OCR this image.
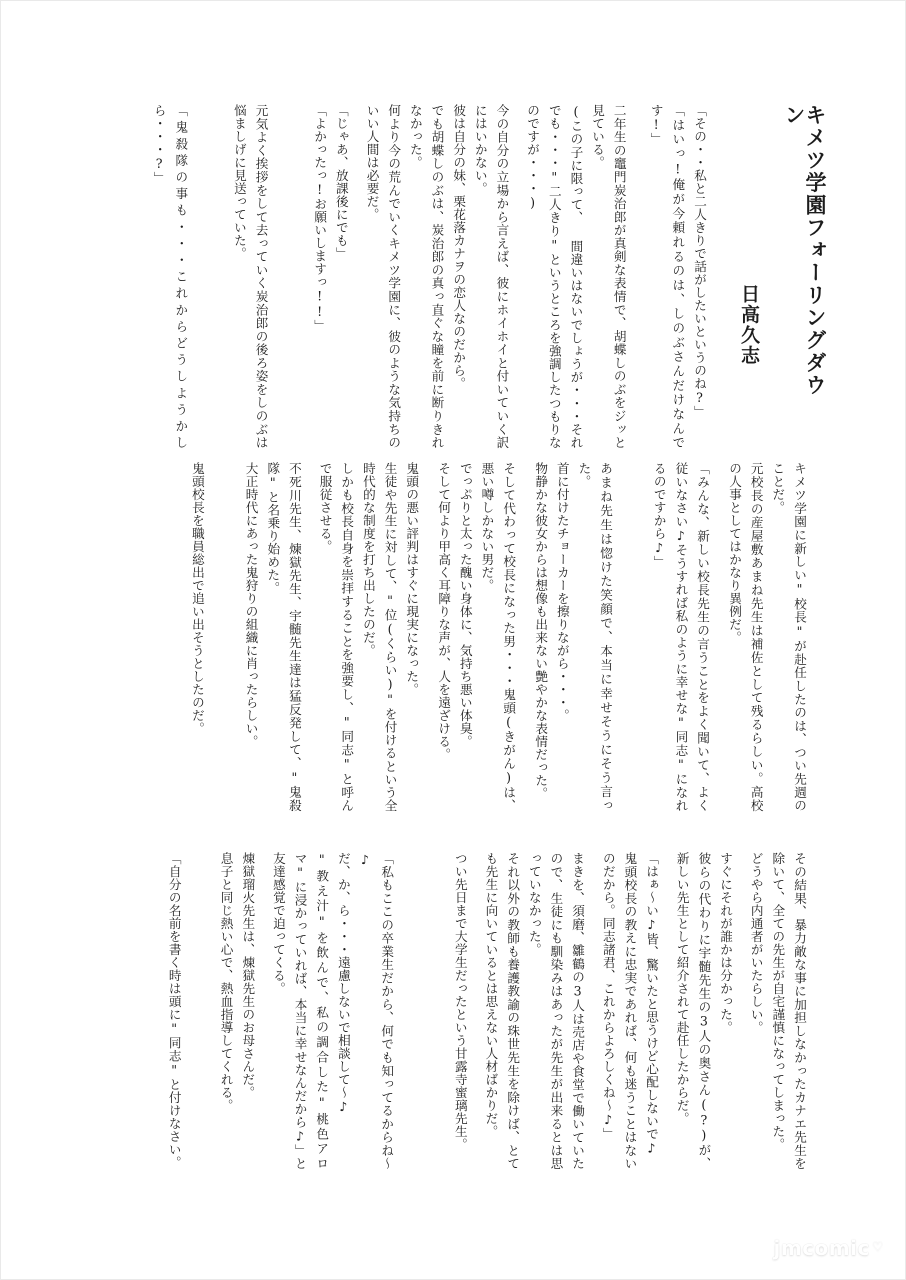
日高久志	キメツ学園フォーリングダウン
「その・・私と二人きりで話がしたいというのね?」
「はいっ!俺が今頼れるのは、しのぶさんだけなんです!」
二年生の竈門炭治郎が真剣な表情で、胡蝶しのぶをジッと見ている。
(この子に限って、 間違いはないでしょうが・・・それでも・・・"二人きり"というところを強調したつもりなのですが・・・)
今の自分の立場から言えば、彼にホイホイと付いていく訳にはいかない。
彼は自分の妹、栗花落カナヲの恋人なのだから。
でも胡蝶しのぶは、炭治郎の真っ直ぐな瞳を前に断りきれなかった。
何より今の荒んでいくキメツ学園に、彼のような気持ちのいい人間は必要だ。
「じゃあ、放課後にでも」
「よかったっ!お願いしますっ!!」
元気よく挨拶をして去っていく炭治郎の後ろ姿をしのぶは悩ましげに見送っていた。
「鬼殺隊の事も・・・これからどうしようかしら・・・?」
キメツ学園に新しい"校長"が赴任したのは、つい先週のことだ。
元校長の産屋敷あまね先生は補佐として残るらしい。高校の人事としてはかなり異例だ。
「みんな、新しい校長先生の言うことをよく聞いて、よく従いなさい♪そうすれば私のように幸せな"同志"になれるのですから♪」
あまね先生は惚けた笑顔で、本当に幸せそうにそう言った。
首に付けたチョーカーを擦りながら・・・。
物静かな彼女からは想像も出来ない艶やかな表情だった。
そして代わって校長になった男・・・鬼頭(きがん)は、悪い噂しかない男だ。
でっぷりと太った醜い身体に、気持ち悪い体臭。
そして何より甲高く耳障りな声が、人を遠ざける。
鬼頭の悪い評判はすぐに現実になった。
生徒や先生に対して、"位(くらい)"を付けるという全時代的な制度を打ち出したのだ。
しかも校長自身を崇拝することを強要し、"同志"と呼んで服従させる。
不死川先生、煉獄先生、宇髄先生達は猛反発して、"鬼殺隊"と名乗り始めた。
大正時代にあった鬼狩りの組織に肖ったらしい。
鬼頭校長を職員総出で追い出そうとしたのだ。
その結果、暴力敵な事に加担しなかったカナエ先生を除いて、全ての先生が自宅謹慎になってしまった。
どうやら内通者がいたらしい。
すぐにそれが誰かは分かった。
彼らの代わりに宇髄先生の3人の奥さん(?)が、新しい先生として紹介されて赴任したからだ。
「はぁ～い♪皆、驚いたと思うけど心配しないで♪
鬼頭校長の教えに忠実であれば、何も迷うことはないのだから。同志諸君、これからよろしくね～♪」
まきを、須磨、雛鶴の3人は売店や食堂で働いていたので、生徒にも馴染みはあったが先生が出来るとは思っていなかった。
それ以外の教師も養護教諭の珠世先生を除けば、とても先生に向いているとは思えない人材ばかりだ。
つい先日まで大学生だったという甘露寺蜜璃先生。
「私もここの卒業生だから、何でも知ってるからね～♪
だ、か、ら・・・遠慮しないで相談して～♪
"教え汁"を飲んで、私の調合した"桃色アロマ"に浸かっていれば、本当に幸せなんだから♪」と友達感覚で迫ってくる。
煉獄瑠火先生は、煉獄先生のお母さんだ。
息子と同じ熱い心で、熱血指導してくれる。
「自分の名前を書く時は頭に"同志"と付けなさい。
jmcomic ♡
